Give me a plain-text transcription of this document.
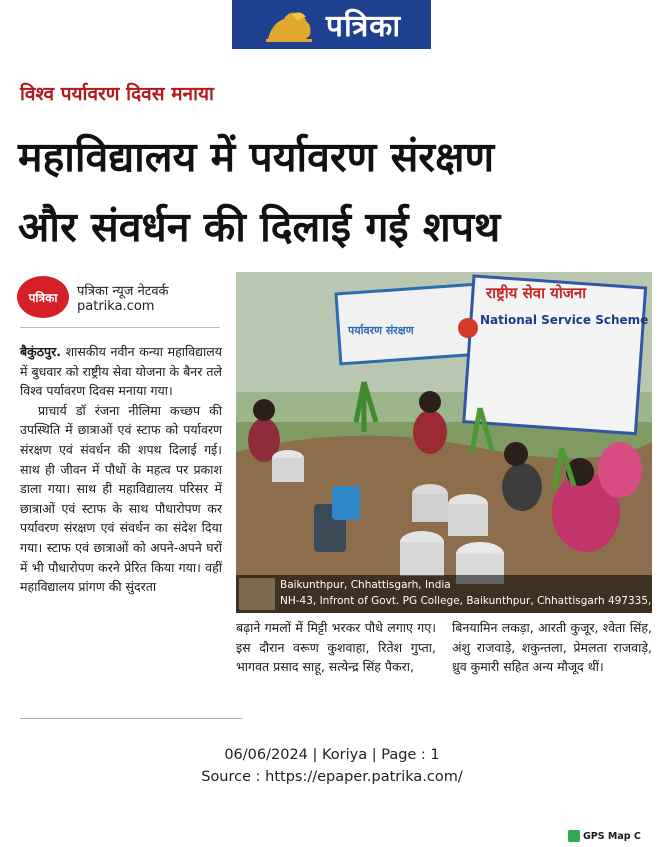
पत्रिका
विश्व पर्यावरण दिवस मनाया
महाविद्यालय में पर्यावरण संरक्षण
और संवर्धन की दिलाई गई शपथ
पत्रिका	पत्रिका न्यूज नेटवर्क
patrika.com

बैकुंठपुर. शासकीय नवीन कन्या महाविद्यालय में बुधवार को राष्ट्रीय सेवा योजना के बैनर तले विश्व पर्यावरण दिवस मनाया गया।

प्राचार्य डॉ रंजना नीलिमा कच्छप की उपस्थिति में छात्राओं एवं स्टाफ को पर्यावरण संरक्षण एवं संवर्धन की शपथ दिलाई गई। साथ ही जीवन में पौधों के महत्व पर प्रकाश डाला गया। साथ ही महाविद्यालय परिसर में छात्राओं एवं स्टाफ के साथ पौधारोपण कर पर्यावरण संरक्षण एवं संवर्धन का संदेश दिया गया। स्टाफ एवं छात्राओं को अपने-अपने घरों में भी पौधारोपण करने प्रेरित किया गया। वहीं महाविद्यालय प्रांगण की सुंदरता

पर्यावरण संरक्षण
राष्ट्रीय सेवा योजना
National Service Scheme
GPS Map C
Baikunthpur, Chhattisgarh, India
NH-43, Infront of Govt. PG College, Baikunthpur, Chhattisgarh 497335,

बढ़ाने गमलों में मिट्टी भरकर पौधे लगाए गए। इस दौरान वरूण कुशवाहा, रितेश गुप्ता, भागवत प्रसाद साहू, सत्येन्द्र सिंह पैकरा,

बिनयामिन लकड़ा, आरती कुजूर, श्वेता सिंह, अंशु राजवाड़े, शकुन्तला, प्रेमलता राजवाड़े, ध्रुव कुमारी सहित अन्य मौजूद थीं।

06/06/2024 | Koriya | Page : 1
Source : https://epaper.patrika.com/
